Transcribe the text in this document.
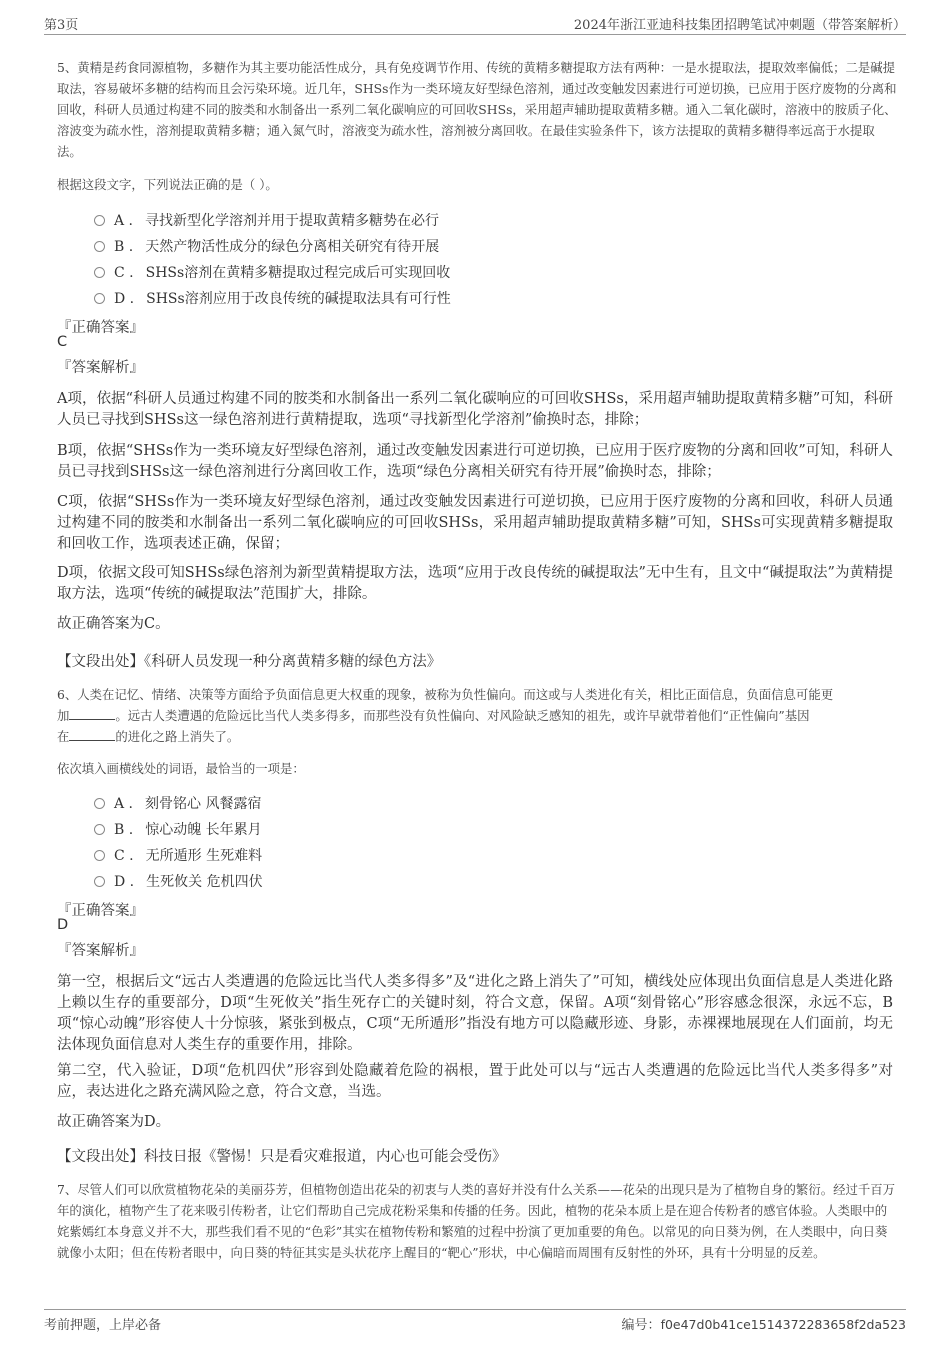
第3页	2024年浙江亚迪科技集团招聘笔试冲刺题（带答案解析）
5、黄精是药食同源植物，多糖作为其主要功能活性成分，具有免疫调节作用、传统的黄精多糖提取方法有两种：一是水提取法，提取效率偏低；二是碱提取法，容易破坏多糖的结构而且会污染环境。近几年，SHSs作为一类环境友好型绿色溶剂，通过改变触发因素进行可逆切换，已应用于医疗废物的分离和回收，科研人员通过构建不同的胺类和水制备出一系列二氧化碳响应的可回收SHSs，采用超声辅助提取黄精多糖。通入二氧化碳时，溶液中的胺质子化、溶波变为疏水性，溶剂提取黄精多糖；通入氮气时，溶液变为疏水性，溶剂被分离回收。在最佳实验条件下，该方法提取的黄精多糖得率远高于水提取法。
根据这段文字，下列说法正确的是（ ）。
A . 寻找新型化学溶剂并用于提取黄精多糖势在必行
B . 天然产物活性成分的绿色分离相关研究有待开展
C . SHSs溶剂在黄精多糖提取过程完成后可实现回收
D . SHSs溶剂应用于改良传统的碱提取法具有可行性
『正确答案』
C
『答案解析』
A项，依据“科研人员通过构建不同的胺类和水制备出一系列二氧化碳响应的可回收SHSs，采用超声辅助提取黄精多糖”可知，科研人员已寻找到SHSs这一绿色溶剂进行黄精提取，选项“寻找新型化学溶剂”偷换时态，排除；
B项，依据“SHSs作为一类环境友好型绿色溶剂，通过改变触发因素进行可逆切换，已应用于医疗废物的分离和回收”可知，科研人员已寻找到SHSs这一绿色溶剂进行分离回收工作，选项“绿色分离相关研究有待开展”偷换时态，排除；
C项，依据“SHSs作为一类环境友好型绿色溶剂，通过改变触发因素进行可逆切换，已应用于医疗废物的分离和回收，科研人员通过构建不同的胺类和水制备出一系列二氧化碳响应的可回收SHSs，采用超声辅助提取黄精多糖”可知，SHSs可实现黄精多糖提取和回收工作，选项表述正确，保留；
D项，依据文段可知SHSs绿色溶剂为新型黄精提取方法，选项“应用于改良传统的碱提取法”无中生有，且文中“碱提取法”为黄精提取方法，选项“传统的碱提取法”范围扩大，排除。
故正确答案为C。
【文段出处】《科研人员发现一种分离黄精多糖的绿色方法》
6、人类在记忆、情绪、决策等方面给予负面信息更大权重的现象，被称为负性偏向。而这或与人类进化有关，相比正面信息，负面信息可能更
加	。远古人类遭遇的危险远比当代人类多得多，而那些没有负性偏向、对风险缺乏感知的祖先，或许早就带着他们“正性偏向”基因
在	的进化之路上消失了。
依次填入画横线处的词语，最恰当的一项是：
A . 刻骨铭心 风餐露宿
B . 惊心动魄 长年累月
C . 无所遁形 生死难料
D . 生死攸关 危机四伏
『正确答案』
D
『答案解析』
第一空，根据后文“远古人类遭遇的危险远比当代人类多得多”及“进化之路上消失了”可知，横线处应体现出负面信息是人类进化路上赖以生存的重要部分，D项“生死攸关”指生死存亡的关键时刻，符合文意，保留。A项“刻骨铭心”形容感念很深，永远不忘，B项“惊心动魄”形容使人十分惊骇，紧张到极点，C项“无所遁形”指没有地方可以隐藏形迹、身影，赤裸裸地展现在人们面前，均无法体现负面信息对人类生存的重要作用，排除。
第二空，代入验证，D项“危机四伏”形容到处隐藏着危险的祸根，置于此处可以与“远古人类遭遇的危险远比当代人类多得多”对应，表达进化之路充满风险之意，符合文意，当选。
故正确答案为D。
【文段出处】科技日报《警惕！只是看灾难报道，内心也可能会受伤》
7、尽管人们可以欣赏植物花朵的美丽芬芳，但植物创造出花朵的初衷与人类的喜好并没有什么关系——花朵的出现只是为了植物自身的繁衍。经过千百万年的演化，植物产生了花来吸引传粉者，让它们帮助自己完成花粉采集和传播的任务。因此，植物的花朵本质上是在迎合传粉者的感官体验。人类眼中的姹紫嫣红本身意义并不大，那些我们看不见的“色彩”其实在植物传粉和繁殖的过程中扮演了更加重要的角色。以常见的向日葵为例，在人类眼中，向日葵就像小太阳；但在传粉者眼中，向日葵的特征其实是头状花序上醒目的“靶心”形状，中心偏暗而周围有反射性的外环，具有十分明显的反差。
考前押题，上岸必备	编号：f0e47d0b41ce1514372283658f2da523
